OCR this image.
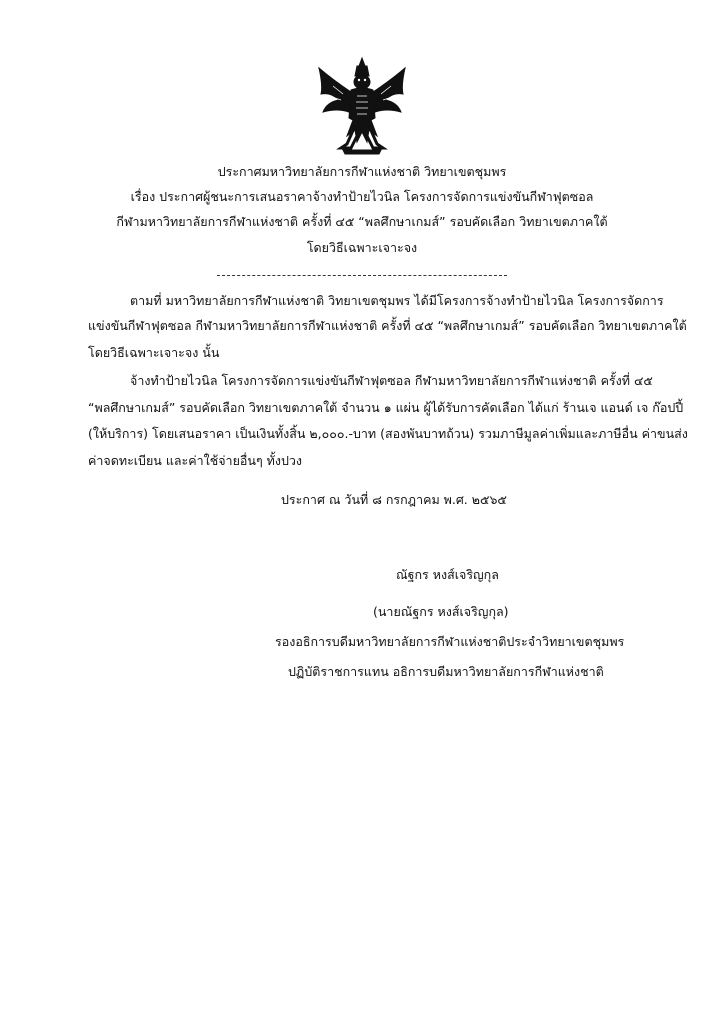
ประกาศมหาวิทยาลัยการกีฬาแห่งชาติ วิทยาเขตชุมพร
เรื่อง ประกาศผู้ชนะการเสนอราคาจ้างทำป้ายไวนิล โครงการจัดการแข่งขันกีฬาฟุตซอล
กีฬามหาวิทยาลัยการกีฬาแห่งชาติ ครั้งที่ ๔๕ “พลศึกษาเกมส์” รอบคัดเลือก วิทยาเขตภาคใต้
โดยวิธีเฉพาะเจาะจง
ตามที่ มหาวิทยาลัยการกีฬาแห่งชาติ วิทยาเขตชุมพร ได้มีโครงการจ้างทำป้ายไวนิล โครงการจัดการ
แข่งขันกีฬาฟุตซอล กีฬามหาวิทยาลัยการกีฬาแห่งชาติ ครั้งที่ ๔๕ “พลศึกษาเกมส์” รอบคัดเลือก วิทยาเขตภาคใต้
โดยวิธีเฉพาะเจาะจง นั้น
จ้างทำป้ายไวนิล โครงการจัดการแข่งขันกีฬาฟุตซอล กีฬามหาวิทยาลัยการกีฬาแห่งชาติ ครั้งที่ ๔๕
“พลศึกษาเกมส์” รอบคัดเลือก วิทยาเขตภาคใต้ จำนวน ๑ แผ่น ผู้ได้รับการคัดเลือก ได้แก่ ร้านเจ แอนด์ เจ ก๊อปปี้
(ให้บริการ) โดยเสนอราคา เป็นเงินทั้งสิ้น ๒,๐๐๐.-บาท (สองพันบาทถ้วน) รวมภาษีมูลค่าเพิ่มและภาษีอื่น ค่าขนส่ง
ค่าจดทะเบียน และค่าใช้จ่ายอื่นๆ ทั้งปวง
ประกาศ ณ วันที่ ๘ กรกฎาคม พ.ศ. ๒๕๖๕
ณัฐกร หงส์เจริญกุล
(นายณัฐกร หงส์เจริญกุล)
รองอธิการบดีมหาวิทยาลัยการกีฬาแห่งชาติประจำวิทยาเขตชุมพร
ปฏิบัติราชการแทน อธิการบดีมหาวิทยาลัยการกีฬาแห่งชาติ
